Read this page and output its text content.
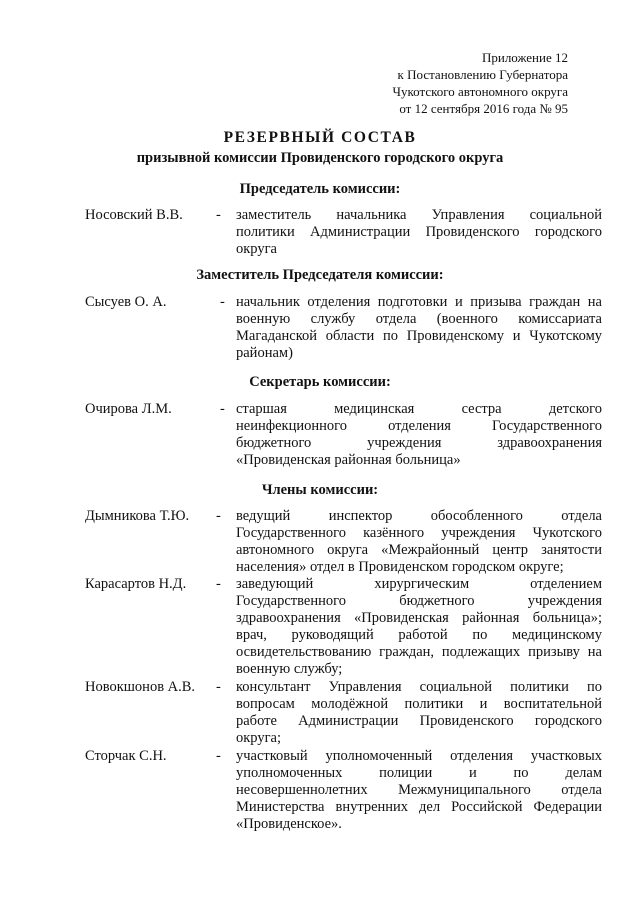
Приложение 12
к Постановлению Губернатора
Чукотского автономного округа
от 12 сентября 2016 года № 95
РЕЗЕРВНЫЙ СОСТАВ
призывной комиссии Провиденского городского округа
Председатель комиссии:
Носовский В.В. - заместитель начальника Управления социальной
политики Администрации Провиденского городского
округа
Заместитель Председателя комиссии:
Сысуев О. А.	- начальник отделения подготовки и призыва граждан на
военную службу отдела (военного комиссариата
Магаданской области по Провиденскому и Чукотскому
районам)
Секретарь комиссии:
Очирова Л.М.	- старшая медицинская сестра детского
неинфекционного отделения Государственного
бюджетного учреждения здравоохранения
«Провиденская районная больница»
Члены комиссии:
Дымникова Т.Ю. - ведущий инспектор обособленного отдела
Государственного казённого учреждения Чукотского
автономного округа «Межрайонный центр занятости
населения» отдел в Провиденском городском округе;
Карасартов Н.Д. - заведующий хирургическим отделением
Государственного бюджетного учреждения
здравоохранения «Провиденская районная больница»;
врач, руководящий работой по медицинскому
освидетельствованию граждан, подлежащих призыву на
военную службу;
Новокшонов А.В. - консультант Управления социальной политики по
вопросам молодёжной политики и воспитательной
работе Администрации Провиденского городского
округа;
Сторчак С.Н.	- участковый уполномоченный отделения участковых
уполномоченных полиции и по делам
несовершеннолетних Межмуниципального отдела
Министерства внутренних дел Российской Федерации
«Провиденское».
